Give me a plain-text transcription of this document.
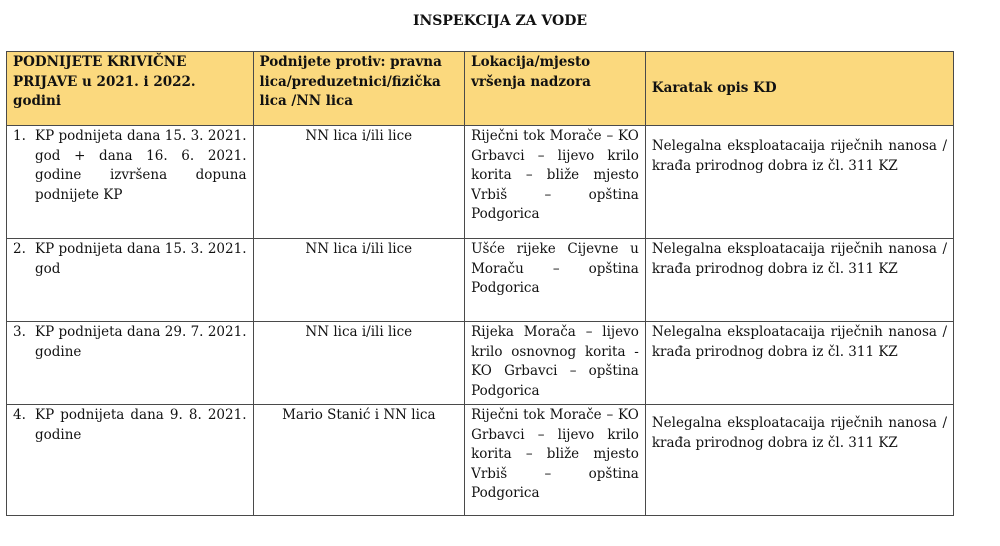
INSPEKCIJA ZA VODE
PODNIJETE KRIVIČNE PRIJAVE u 2021. i 2022. godini	Podnijete protiv: pravna lica/preduzetnici/fizička lica /NN lica	Lokacija/mjesto vršenja nadzora	Karatak opis KD

1. KP podnijeta dana 15. 3. 2021. god + dana 16. 6. 2021. godine izvršena dopuna podnijete KP	NN lica i/ili lice	Riječni tok Morače – KO Grbavci – lijevo krilo korita – bliže mjesto Vrbiš – opština Podgorica	Nelegalna eksploatacaija riječnih nanosa / krađa prirodnog dobra iz čl. 311 KZ

2. KP podnijeta dana 15. 3. 2021. god	NN lica i/ili lice	Ušće rijeke Cijevne u Moraču – opština Podgorica	Nelegalna eksploatacaija riječnih nanosa / krađa prirodnog dobra iz čl. 311 KZ

3. KP podnijeta dana 29. 7. 2021. godine	NN lica i/ili lice	Rijeka Morača – lijevo krilo osnovnog korita - KO Grbavci – opština Podgorica	Nelegalna eksploatacaija riječnih nanosa / krađa prirodnog dobra iz čl. 311 KZ

4. KP podnijeta dana 9. 8. 2021. godine	Mario Stanić i NN lica	Riječni tok Morače – KO Grbavci – lijevo krilo korita – bliže mjesto Vrbiš – opština Podgorica	Nelegalna eksploatacaija riječnih nanosa / krađa prirodnog dobra iz čl. 311 KZ
